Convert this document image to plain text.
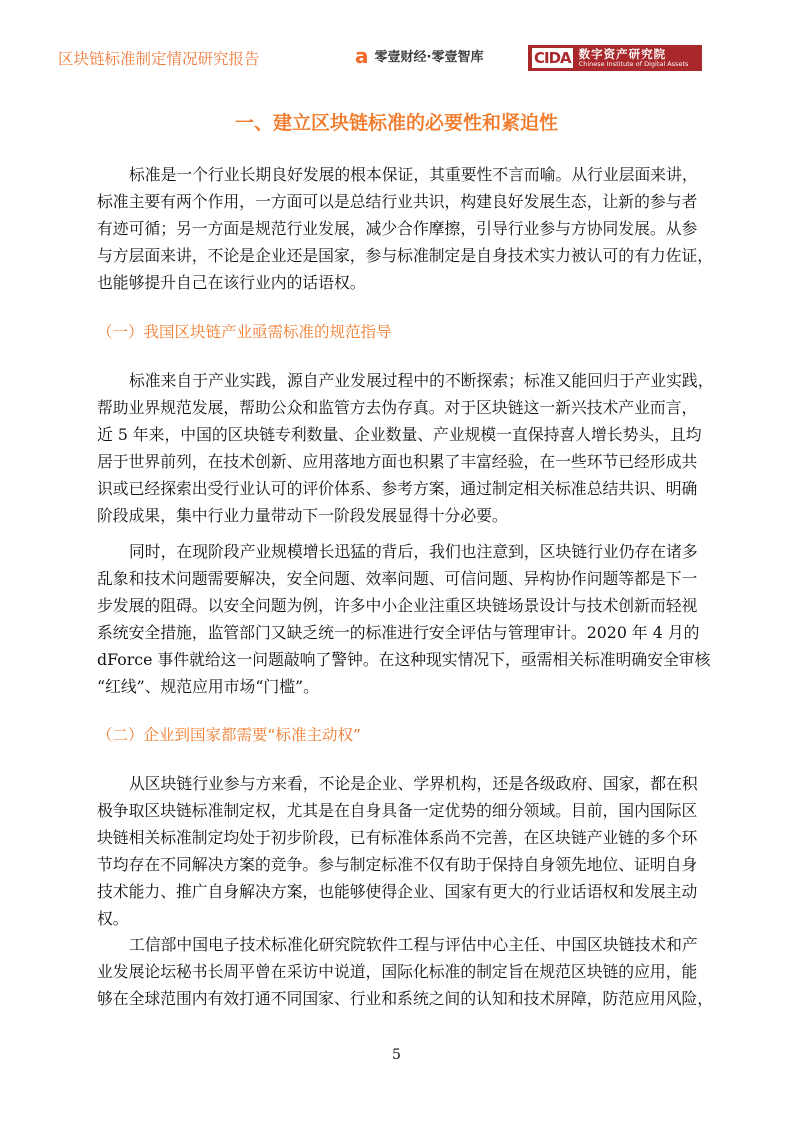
区块链标准制定情况研究报告	a 零壹财经·零壹智库	CIDA 数字资产研究院
Chinese Institute of Digital Assets
一、建立区块链标准的必要性和紧迫性
标准是一个行业长期良好发展的根本保证，其重要性不言而喻。从行业层面来讲，
标准主要有两个作用，一方面可以是总结行业共识，构建良好发展生态，让新的参与者
有迹可循；另一方面是规范行业发展，减少合作摩擦，引导行业参与方协同发展。从参
与方层面来讲，不论是企业还是国家，参与标准制定是自身技术实力被认可的有力佐证，
也能够提升自己在该行业内的话语权。
（一）我国区块链产业亟需标准的规范指导
标准来自于产业实践，源自产业发展过程中的不断探索；标准又能回归于产业实践，
帮助业界规范发展，帮助公众和监管方去伪存真。对于区块链这一新兴技术产业而言，
近 5 年来，中国的区块链专利数量、企业数量、产业规模一直保持喜人增长势头，且均
居于世界前列，在技术创新、应用落地方面也积累了丰富经验，在一些环节已经形成共
识或已经探索出受行业认可的评价体系、参考方案，通过制定相关标准总结共识、明确
阶段成果，集中行业力量带动下一阶段发展显得十分必要。
同时，在现阶段产业规模增长迅猛的背后，我们也注意到，区块链行业仍存在诸多
乱象和技术问题需要解决，安全问题、效率问题、可信问题、异构协作问题等都是下一
步发展的阻碍。以安全问题为例，许多中小企业注重区块链场景设计与技术创新而轻视
系统安全措施，监管部门又缺乏统一的标准进行安全评估与管理审计。2020 年 4 月的
dForce 事件就给这一问题敲响了警钟。在这种现实情况下，亟需相关标准明确安全审核
“红线”、规范应用市场“门槛”。
（二）企业到国家都需要“标准主动权”
从区块链行业参与方来看，不论是企业、学界机构，还是各级政府、国家，都在积
极争取区块链标准制定权，尤其是在自身具备一定优势的细分领域。目前，国内国际区
块链相关标准制定均处于初步阶段，已有标准体系尚不完善，在区块链产业链的多个环
节均存在不同解决方案的竞争。参与制定标准不仅有助于保持自身领先地位、证明自身
技术能力、推广自身解决方案，也能够使得企业、国家有更大的行业话语权和发展主动
权。
工信部中国电子技术标准化研究院软件工程与评估中心主任、中国区块链技术和产
业发展论坛秘书长周平曾在采访中说道，国际化标准的制定旨在规范区块链的应用，能
够在全球范围内有效打通不同国家、行业和系统之间的认知和技术屏障，防范应用风险，
5
